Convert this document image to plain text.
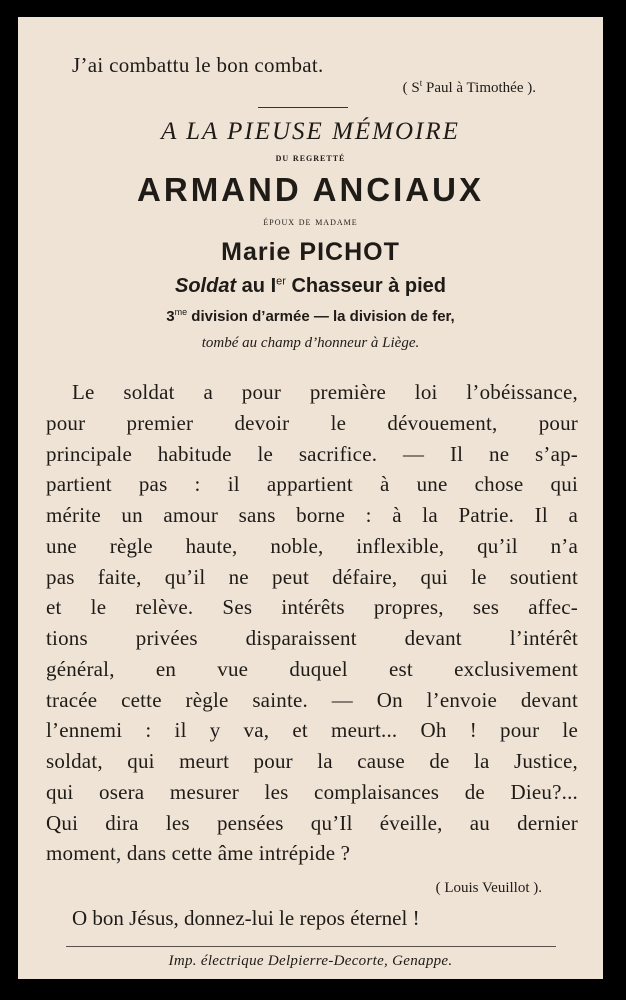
J’ai combattu le bon combat.
( $S^t$ Paul à Timothée ).
A LA PIEUSE MÉMOIRE
du regretté
ARMAND ANCIAUX
époux de madame
Marie PICHOT
Soldat au Ier Chasseur à pied
$3^{me}$ division d’armée — la division de fer,
tombé au champ d’honneur à Liège.
Le soldat a pour première loi l’obéissance,
pour premier devoir le dévouement, pour
principale habitude le sacrifice. — Il ne s’ap-
partient pas : il appartient à une chose qui
mérite un amour sans borne : à la Patrie. Il a
une règle haute, noble, inflexible, qu’il n’a
pas faite, qu’il ne peut défaire, qui le soutient
et le relève. Ses intérêts propres, ses affec-
tions privées disparaissent devant l’intérêt
général, en vue duquel est exclusivement
tracée cette règle sainte. — On l’envoie devant
l’ennemi : il y va, et meurt... Oh ! pour le
soldat, qui meurt pour la cause de la Justice,
qui osera mesurer les complaisances de Dieu?...
Qui dira les pensées qu’Il éveille, au dernier
moment, dans cette âme intrépide ?
( Louis Veuillot ).
O bon Jésus, donnez-lui le repos éternel !
Imp. électrique Delpierre-Decorte, Genappe.
